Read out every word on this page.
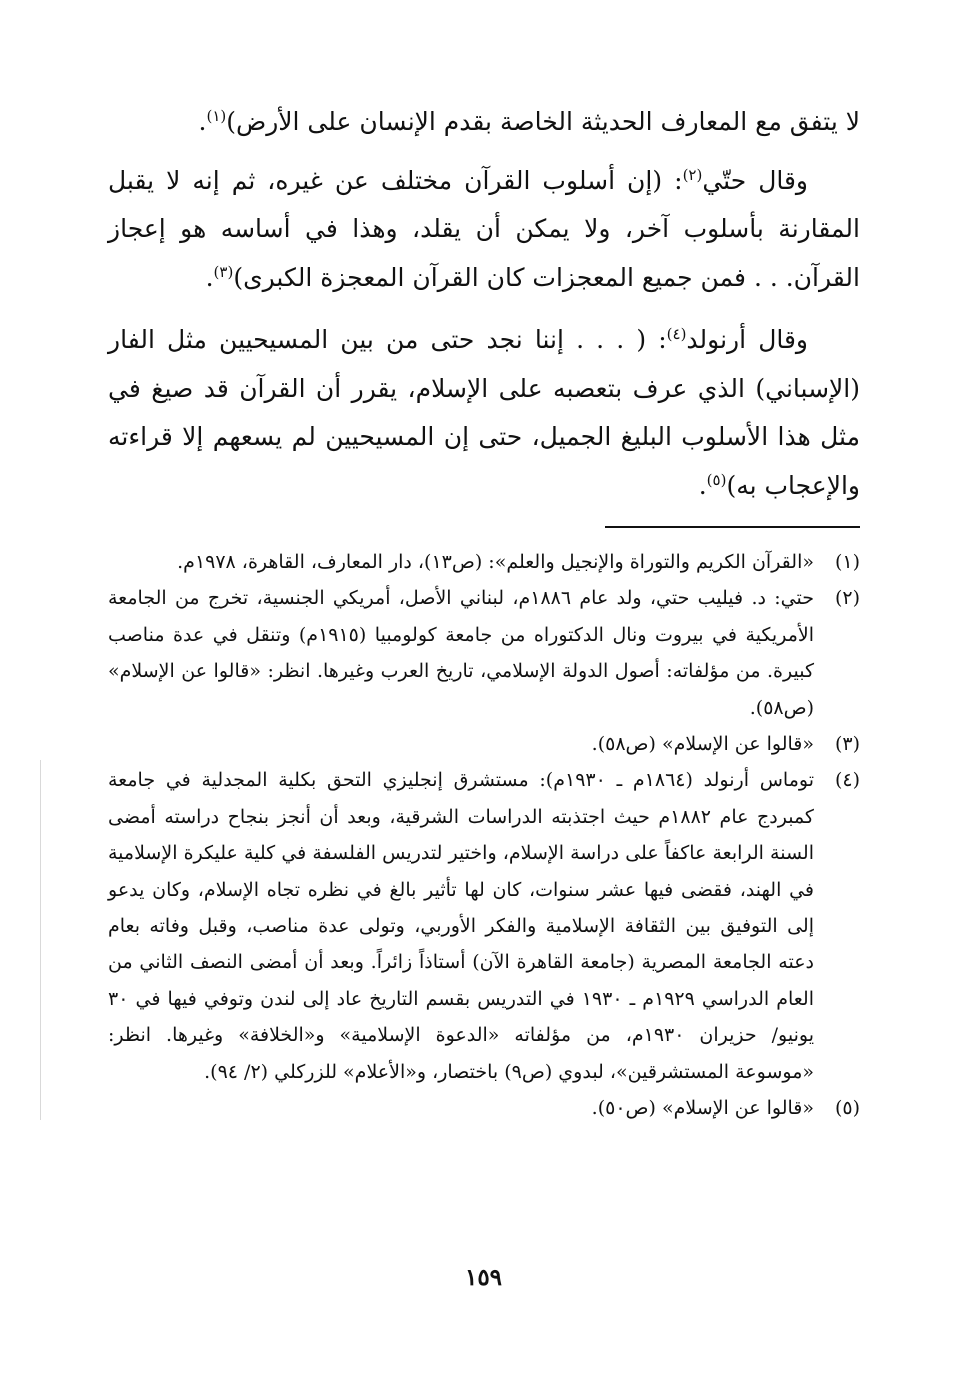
لا يتفق مع المعارف الحديثة الخاصة بقدم الإنسان على الأرض)$^{(١)}$.

وقال حتّي$^{(٢)}$: (إن أسلوب القرآن مختلف عن غيره، ثم إنه لا يقبل المقارنة بأسلوب آخر، ولا يمكن أن يقلد، وهذا في أساسه هو إعجاز القرآن. . . فمن جميع المعجزات كان القرآن المعجزة الكبرى)$^{(٣)}$.

وقال أرنولد$^{(٤)}$: ( . . . إننا نجد حتى من بين المسيحيين مثل الفار (الإسباني) الذي عرف بتعصبه على الإسلام، يقرر أن القرآن قد صيغ في مثل هذا الأسلوب البليغ الجميل، حتى إن المسيحيين لم يسعهم إلا قراءته والإعجاب به)$^{(٥)}$.

(١)
«القرآن الكريم والتوراة والإنجيل والعلم»: (ص١٣)، دار المعارف، القاهرة، ١٩٧٨م.
(٢)
حتي: د. فيليب حتي، ولد عام ١٨٨٦م، لبناني الأصل، أمريكي الجنسية، تخرج من الجامعة الأمريكية في بيروت ونال الدكتوراه من جامعة كولومبيا (١٩١٥م) وتنقل في عدة مناصب كبيرة. من مؤلفاته: أصول الدولة الإسلامي، تاريخ العرب وغيرها. انظر: «قالوا عن الإسلام» (ص٥٨).
(٣)
«قالوا عن الإسلام» (ص٥٨).
(٤)
توماس أرنولد (١٨٦٤م ـ ١٩٣٠م): مستشرق إنجليزي التحق بكلية المجدلية في جامعة كمبردج عام ١٨٨٢م حيث اجتذبته الدراسات الشرقية، وبعد أن أنجز بنجاح دراسته أمضى السنة الرابعة عاكفاً على دراسة الإسلام، واختير لتدريس الفلسفة في كلية عليكرة الإسلامية في الهند، فقضى فيها عشر سنوات، كان لها تأثير بالغ في نظره تجاه الإسلام، وكان يدعو إلى التوفيق بين الثقافة الإسلامية والفكر الأوربي، وتولى عدة مناصب، وقبل وفاته بعام دعته الجامعة المصرية (جامعة القاهرة الآن) أستاذاً زائراً. وبعد أن أمضى النصف الثاني من العام الدراسي ١٩٢٩م ـ ١٩٣٠ في التدريس بقسم التاريخ عاد إلى لندن وتوفي فيها في ٣٠ يونيو/ حزيران ١٩٣٠م، من مؤلفاته «الدعوة الإسلامية» و«الخلافة» وغيرها. انظر: «موسوعة المستشرقين»، لبدوي (ص٩) باختصار، و«الأعلام» للزركلي (٢/ ٩٤).
(٥)
«قالوا عن الإسلام» (ص٥٠).
١٥٩
